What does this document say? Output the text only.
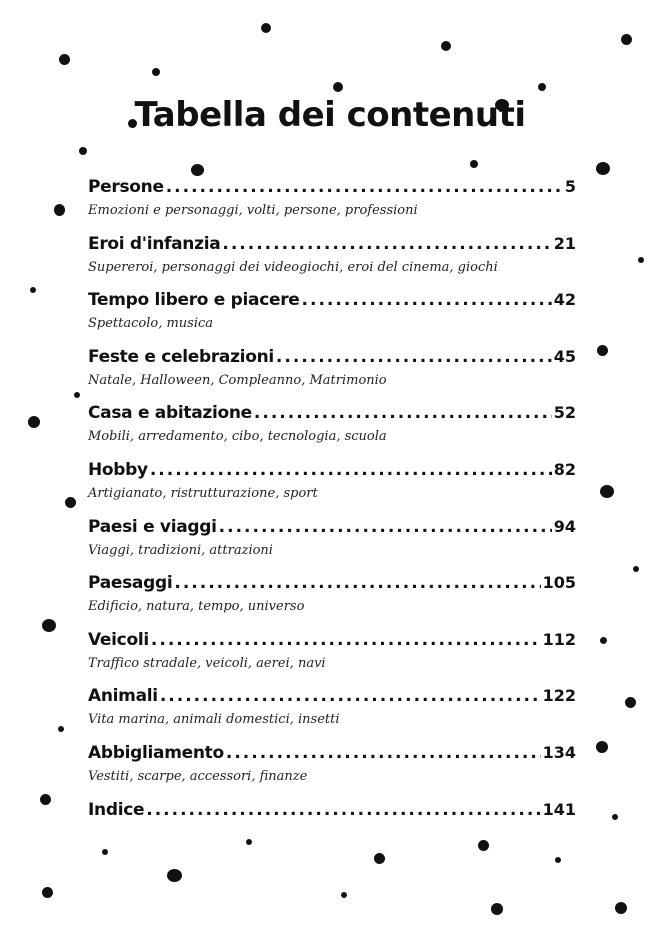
Tabella dei contenuti
Persone .....	5
Emozioni e personaggi, volti, persone, professioni
Eroi d'infanzia .....	21
Supereroi, personaggi dei videogiochi, eroi del cinema, giochi
Tempo libero e piacere .....	42
Spettacolo, musica
Feste e celebrazioni .....	45
Natale, Halloween, Compleanno, Matrimonio
Casa e abitazione .....	52
Mobili, arredamento, cibo, tecnologia, scuola
Hobby .....	82
Artigianato, ristrutturazione, sport
Paesi e viaggi .....	94
Viaggi, tradizioni, attrazioni
Paesaggi .....	105
Edificio, natura, tempo, universo
Veicoli .....	112
Traffico stradale, veicoli, aerei, navi
Animali .....	122
Vita marina, animali domestici, insetti
Abbigliamento .....	134
Vestiti, scarpe, accessori, finanze
Indice .....	141
